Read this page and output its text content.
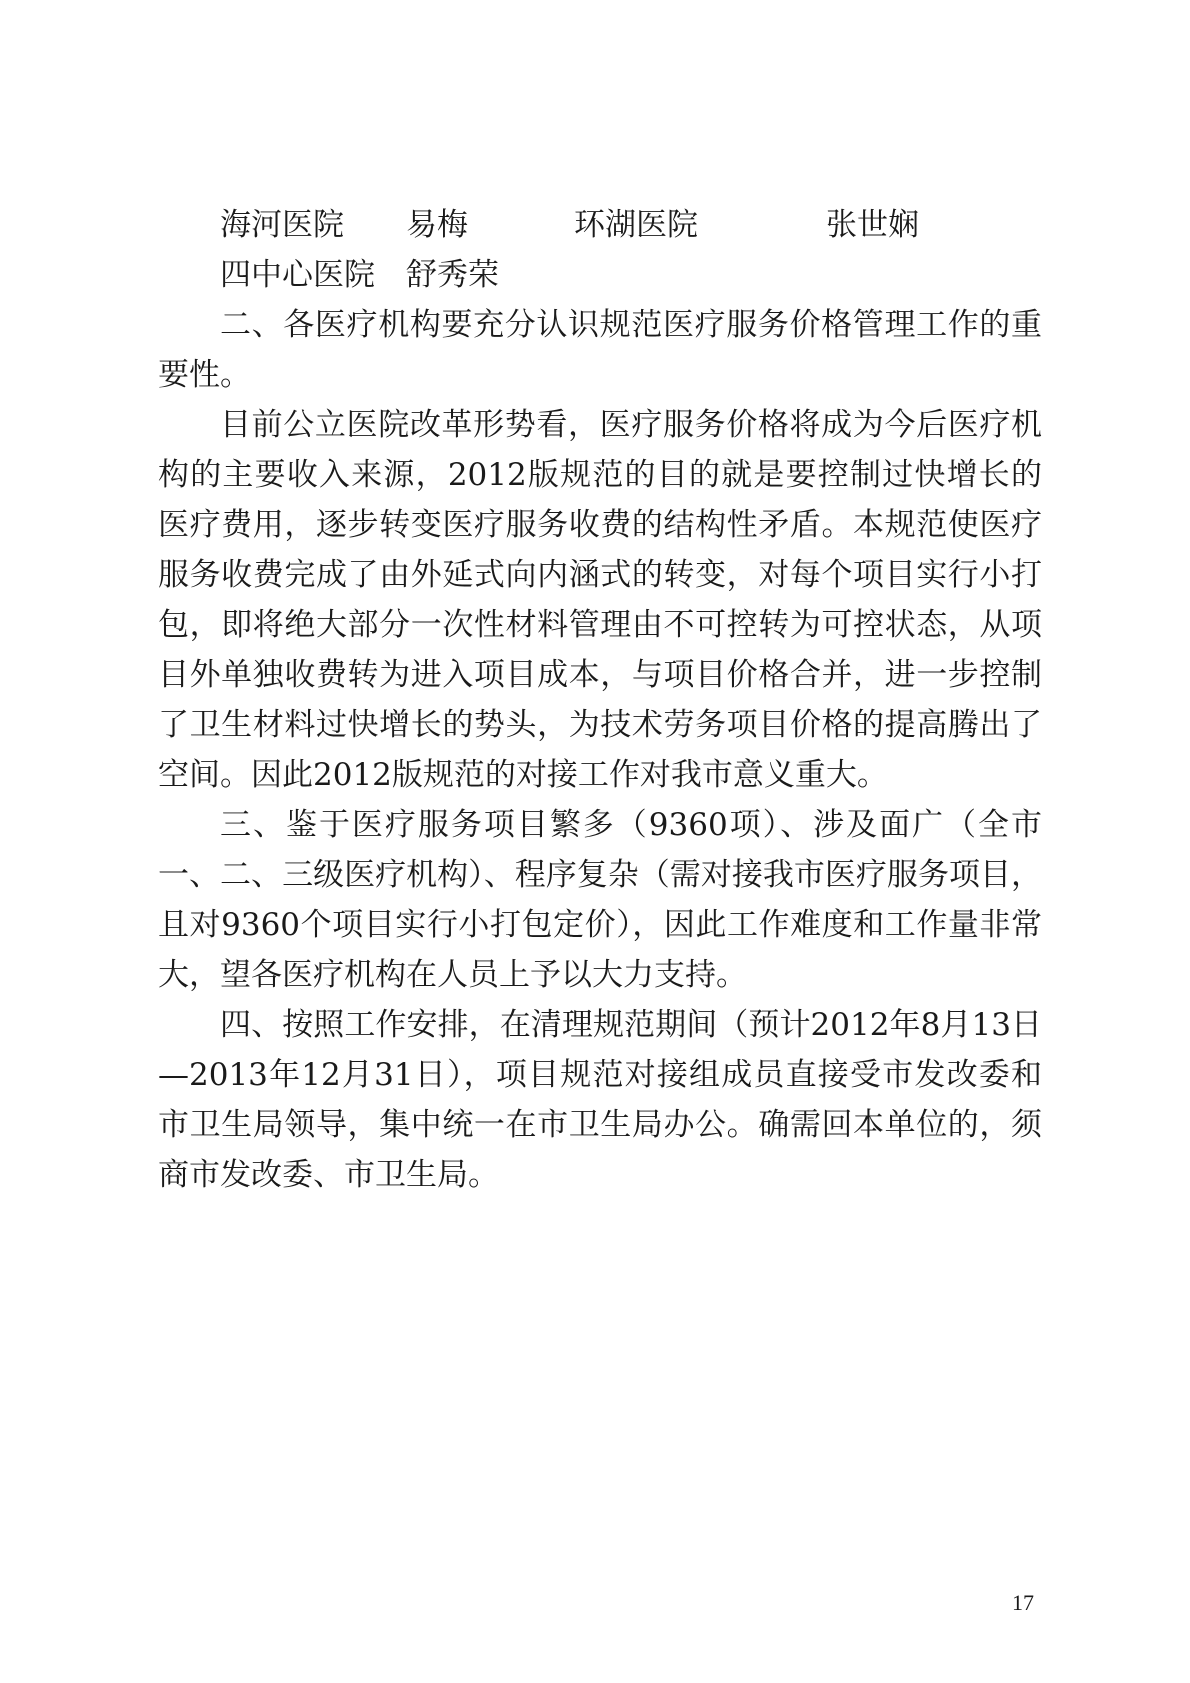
海河医院 易梅	环湖医院	张世娴
四中心医院 舒秀荣

二、各医疗机构要充分认识规范医疗服务价格管理工作的重要性。

目前公立医院改革形势看，医疗服务价格将成为今后医疗机构的主要收入来源，2012版规范的目的就是要控制过快增长的医疗费用，逐步转变医疗服务收费的结构性矛盾。本规范使医疗服务收费完成了由外延式向内涵式的转变，对每个项目实行小打包，即将绝大部分一次性材料管理由不可控转为可控状态，从项目外单独收费转为进入项目成本，与项目价格合并，进一步控制了卫生材料过快增长的势头，为技术劳务项目价格的提高腾出了空间。因此2012版规范的对接工作对我市意义重大。

三、鉴于医疗服务项目繁多（9360项）、涉及面广（全市一、二、三级医疗机构）、程序复杂（需对接我市医疗服务项目，且对9360个项目实行小打包定价），因此工作难度和工作量非常大，望各医疗机构在人员上予以大力支持。

四、按照工作安排，在清理规范期间（预计2012年8月13日—2013年12月31日），项目规范对接组成员直接受市发改委和市卫生局领导，集中统一在市卫生局办公。确需回本单位的，须商市发改委、市卫生局。

17
